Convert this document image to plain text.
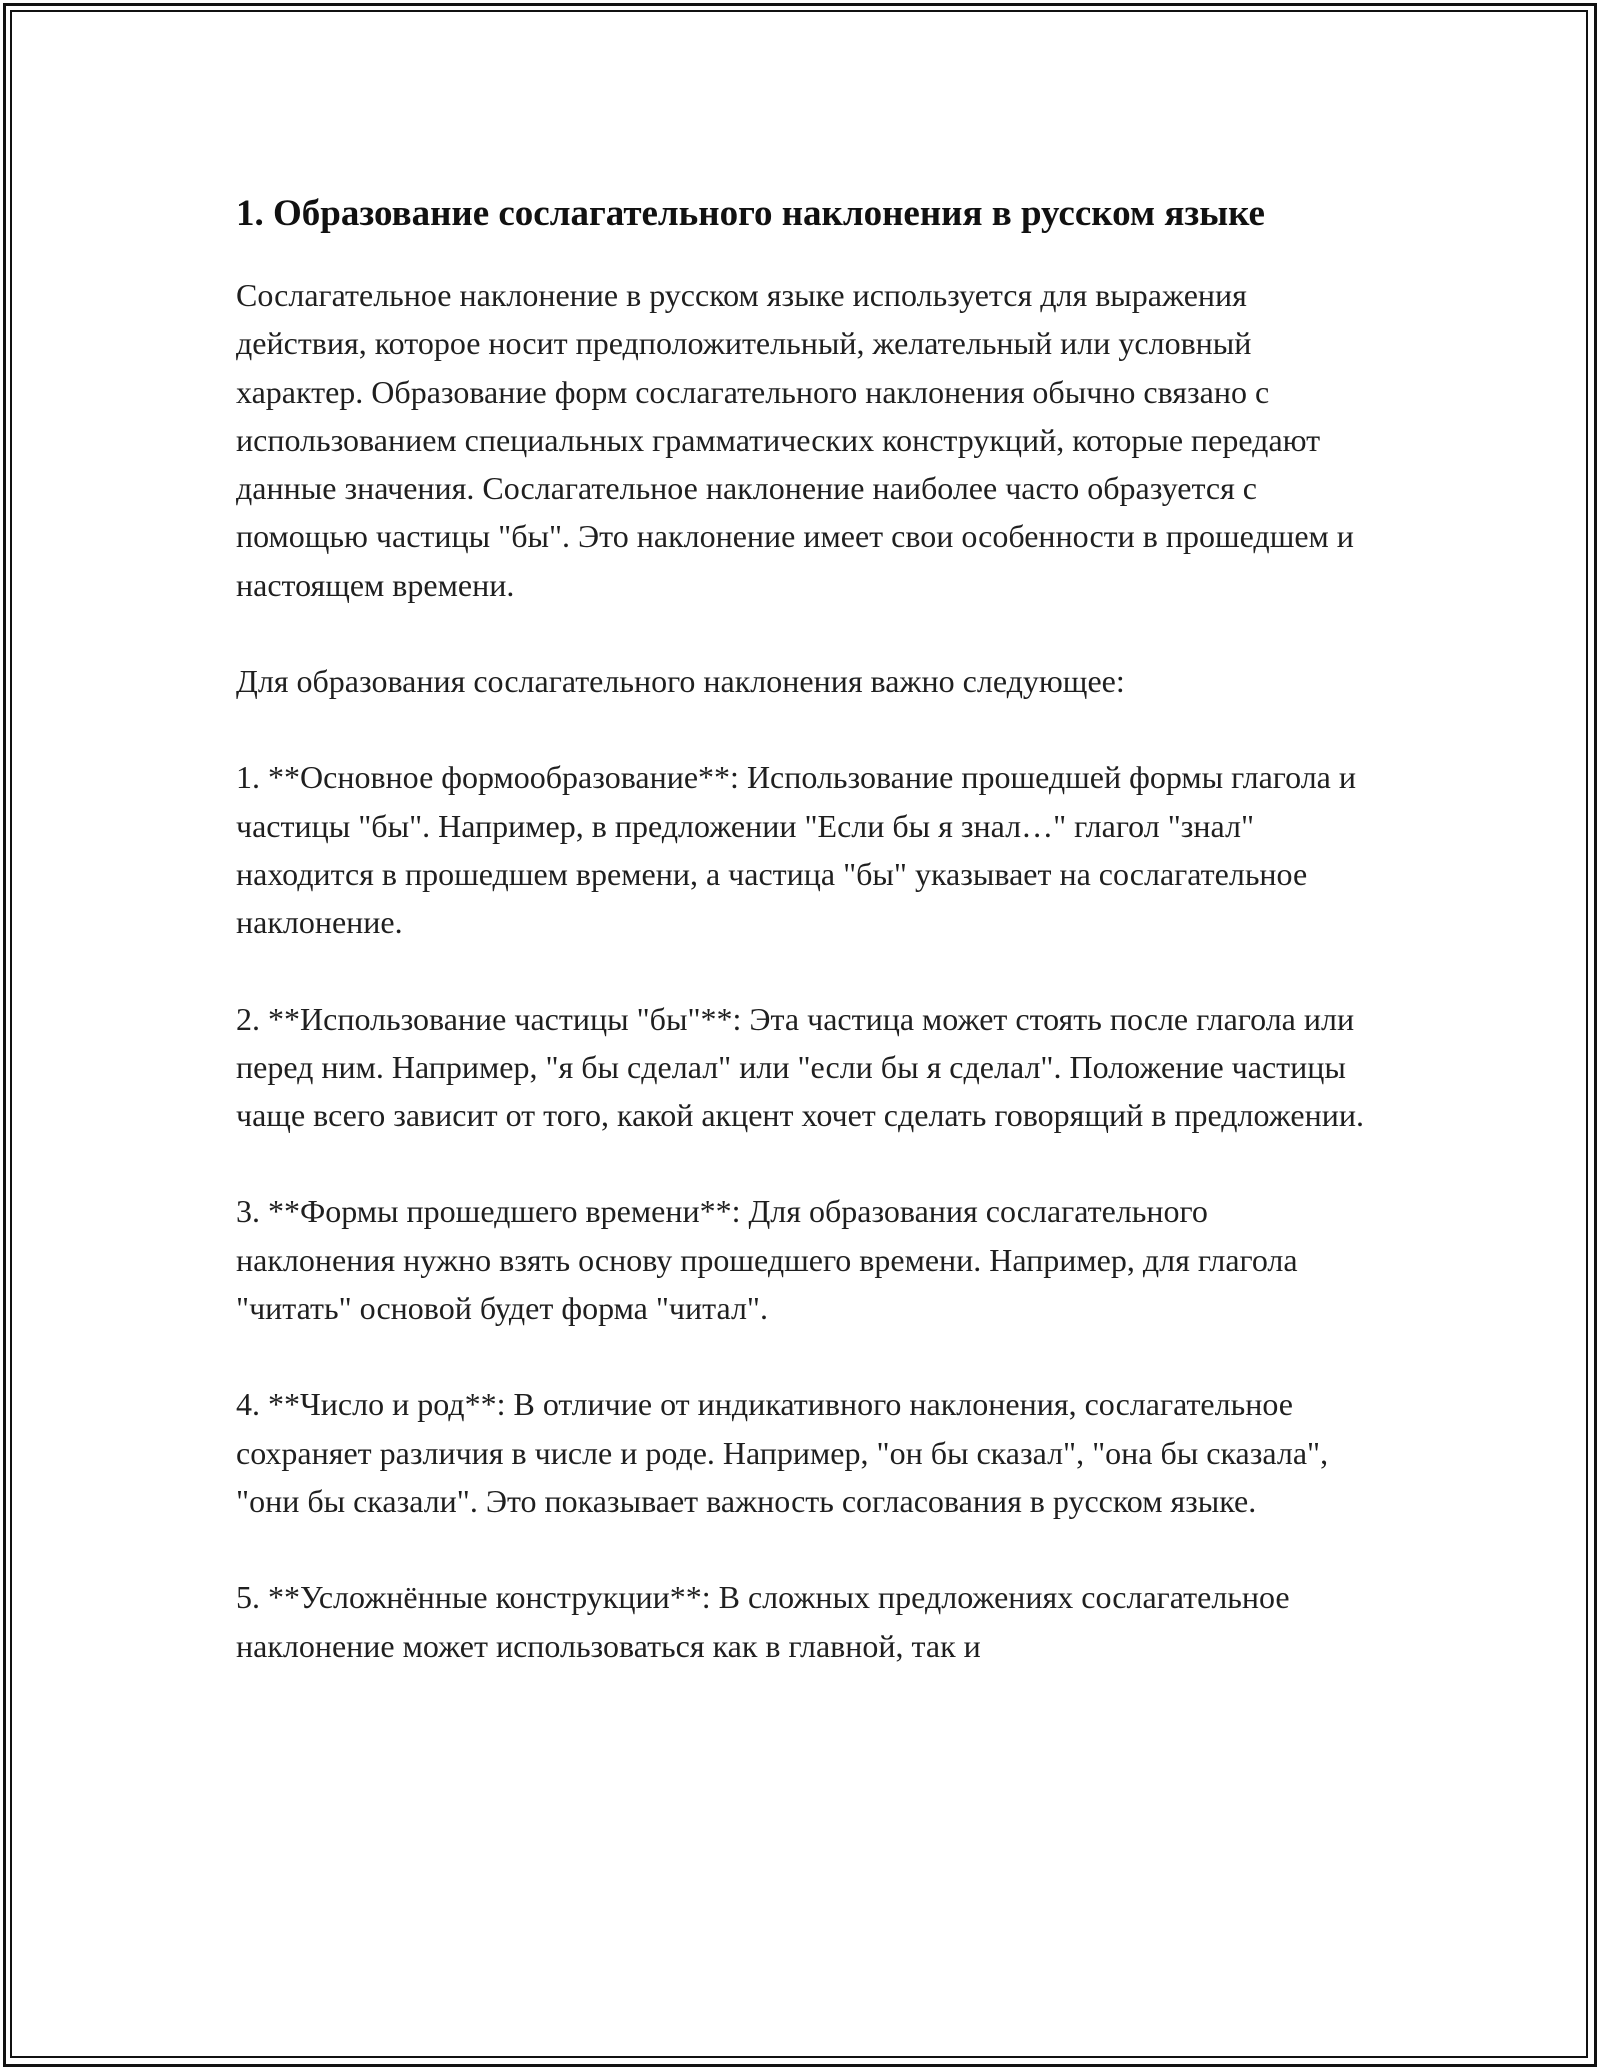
1. Образование сослагательного наклонения в русском языке

Сослагательное наклонение в русском языке используется для выражения действия, которое носит предположительный, желательный или условный характер. Образование форм сослагательного наклонения обычно связано с использованием специальных грамматических конструкций, которые передают данные значения. Сослагательное наклонение наиболее часто образуется с помощью частицы "бы". Это наклонение имеет свои особенности в прошедшем и настоящем времени.

Для образования сослагательного наклонения важно следующее:

1. **Основное формообразование**: Использование прошедшей формы глагола и частицы "бы". Например, в предложении "Если бы я знал…" глагол "знал" находится в прошедшем времени, а частица "бы" указывает на сослагательное наклонение.

2. **Использование частицы "бы"**: Эта частица может стоять после глагола или перед ним. Например, "я бы сделал" или "если бы я сделал". Положение частицы чаще всего зависит от того, какой акцент хочет сделать говорящий в предложении.

3. **Формы прошедшего времени**: Для образования сослагательного наклонения нужно взять основу прошедшего времени. Например, для глагола "читать" основой будет форма "читал".

4. **Число и род**: В отличие от индикативного наклонения, сослагательное сохраняет различия в числе и роде. Например, "он бы сказал", "она бы сказала", "они бы сказали". Это показывает важность согласования в русском языке.

5. **Усложнённые конструкции**: В сложных предложениях сослагательное наклонение может использоваться как в главной, так и
